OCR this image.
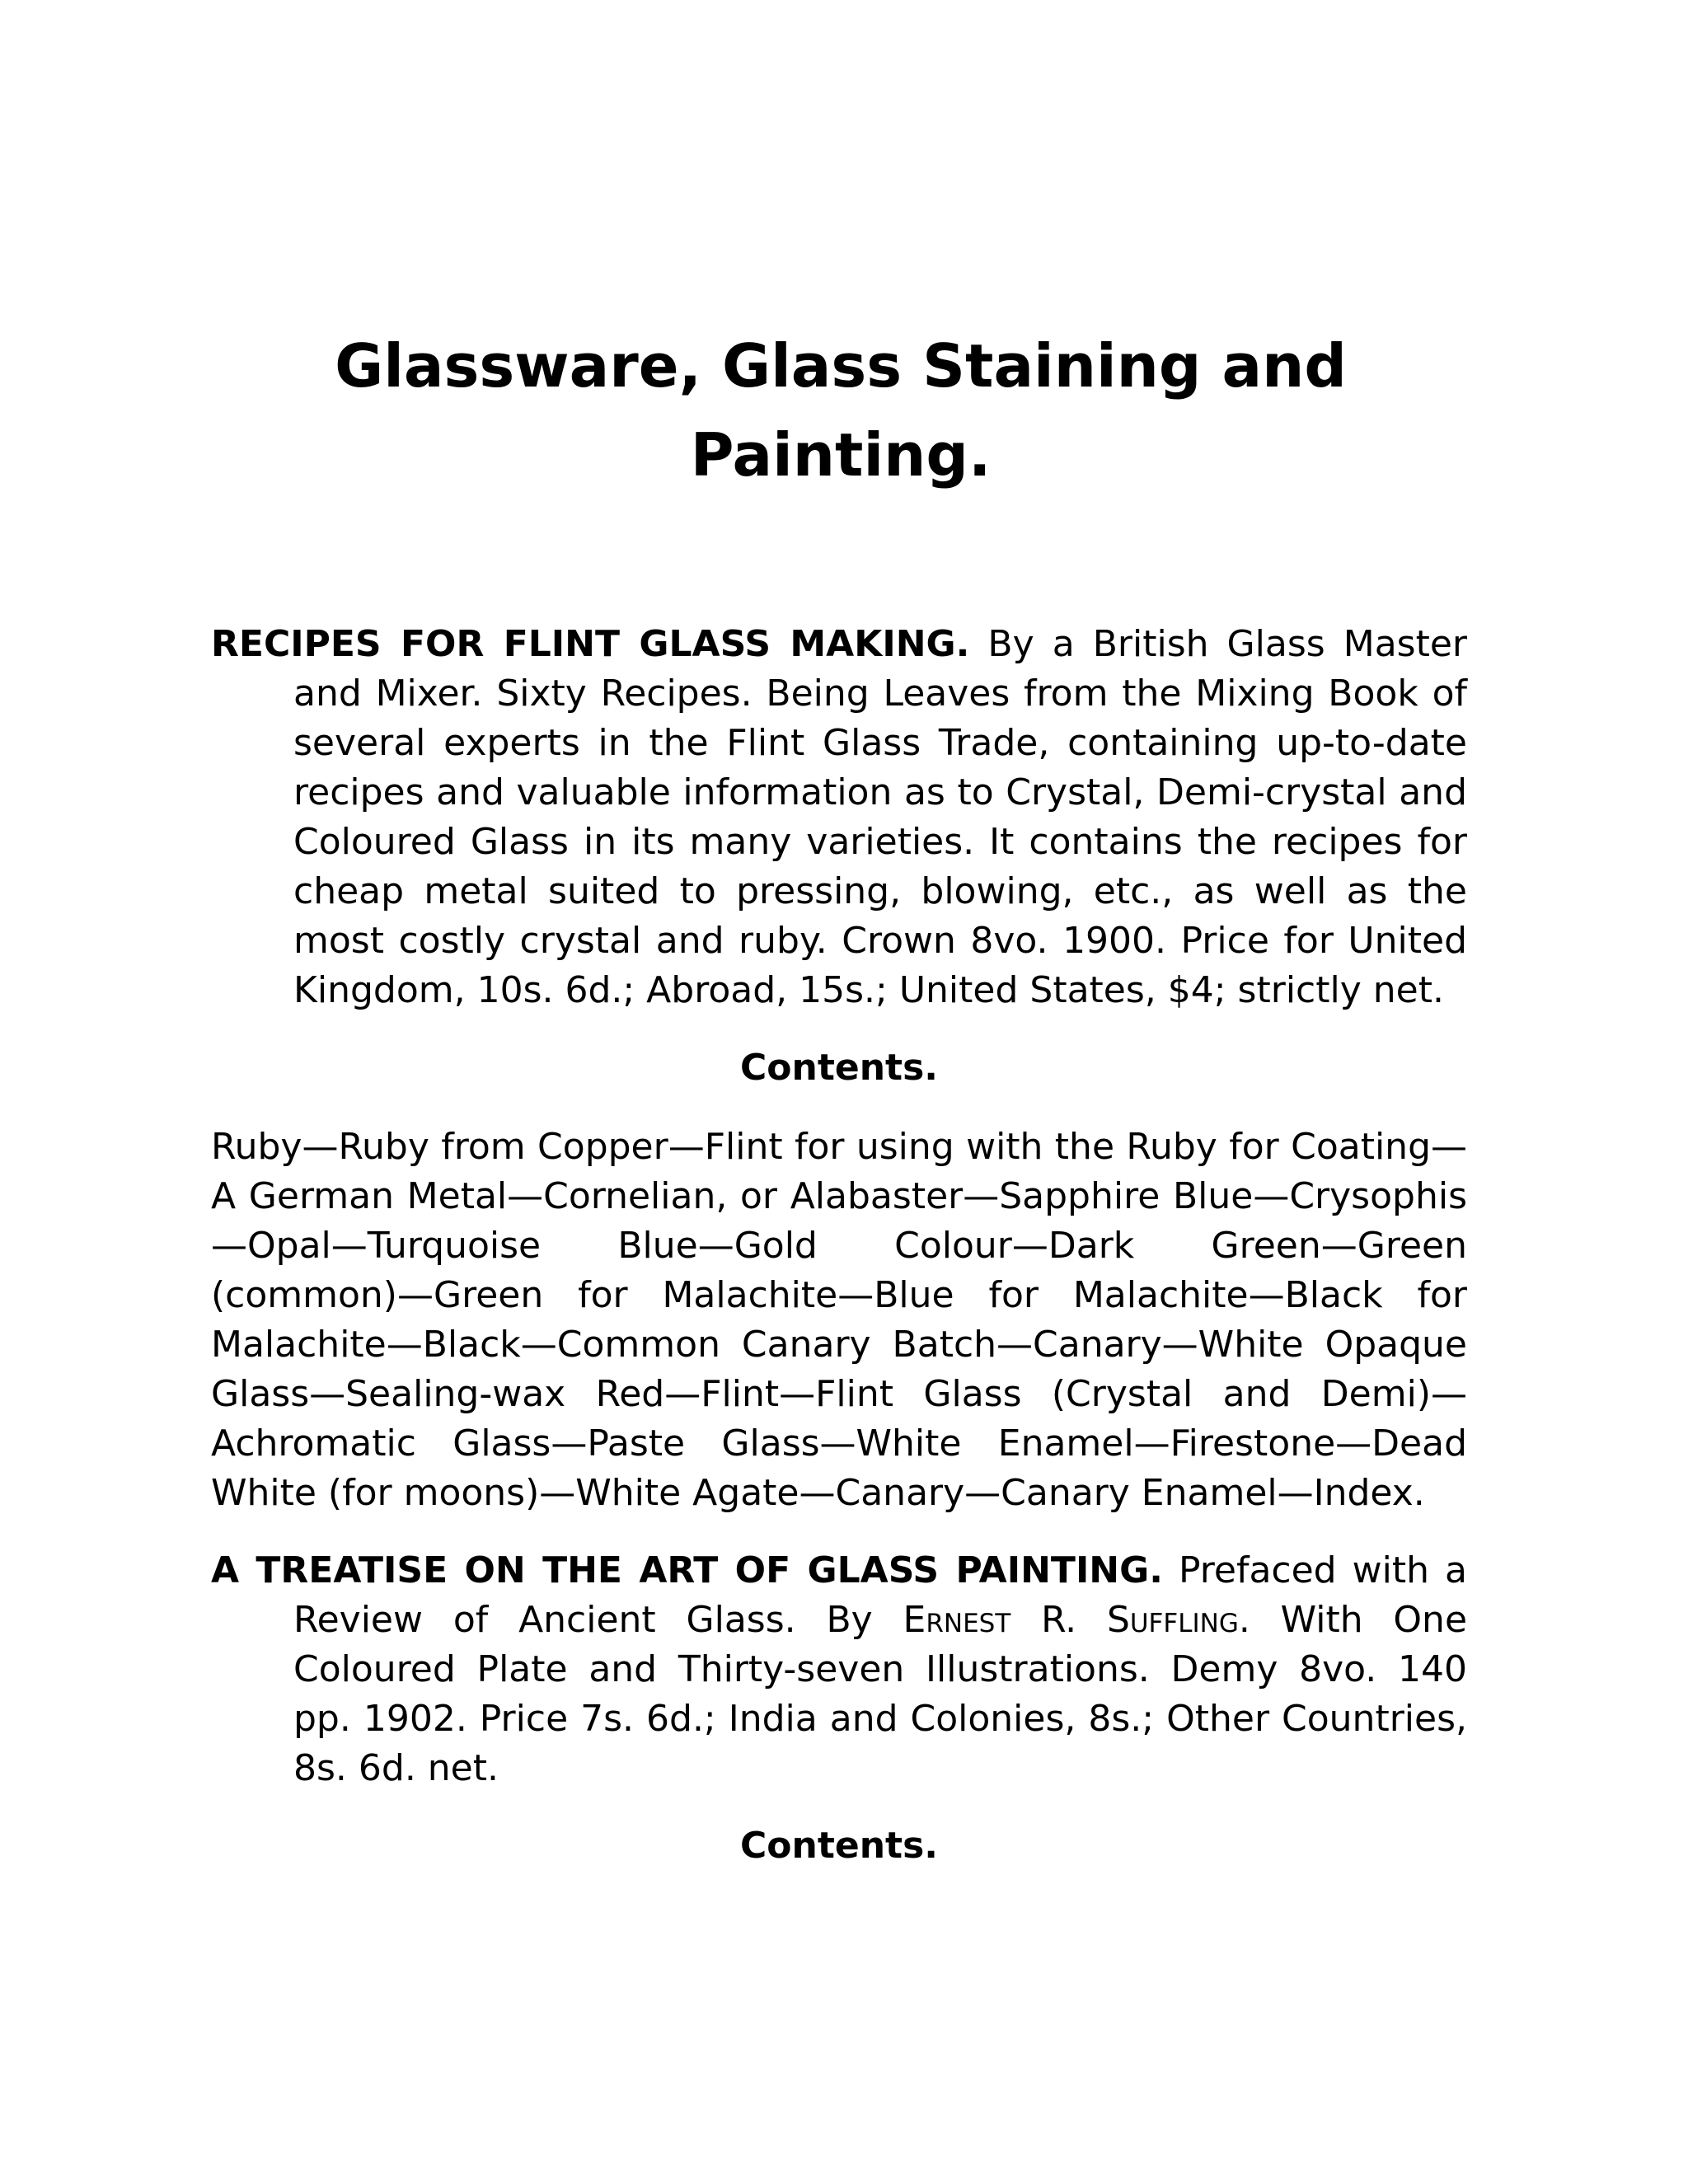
Glassware, Glass Staining and Painting.

RECIPES FOR FLINT GLASS MAKING. By a British Glass Master and Mixer. Sixty Recipes. Being Leaves from the Mixing Book of several experts in the Flint Glass Trade, containing up-to-date recipes and valuable information as to Crystal, Demi-crystal and Coloured Glass in its many varieties. It contains the recipes for cheap metal suited to pressing, blowing, etc., as well as the most costly crystal and ruby. Crown 8vo. 1900. Price for United Kingdom, 10s. 6d.; Abroad, 15s.; United States, $4; strictly net.

Contents.

Ruby—Ruby from Copper—Flint for using with the Ruby for Coating—A German Metal—Cornelian, or Alabaster—Sapphire Blue—Crysophis—Opal—Turquoise Blue—Gold Colour—Dark Green—Green (common)—Green for Malachite—Blue for Malachite—Black for Malachite—Black—Common Canary Batch—Canary—White Opaque Glass—Sealing-wax Red—Flint—Flint Glass (Crystal and Demi)—Achromatic Glass—Paste Glass—White Enamel—Firestone—Dead White (for moons)—White Agate—Canary—Canary Enamel—Index.

A TREATISE ON THE ART OF GLASS PAINTING. Prefaced with a Review of Ancient Glass. By Ernest R. Suffling. With One Coloured Plate and Thirty-seven Illustrations. Demy 8vo. 140 pp. 1902. Price 7s. 6d.; India and Colonies, 8s.; Other Countries, 8s. 6d. net.

Contents.
